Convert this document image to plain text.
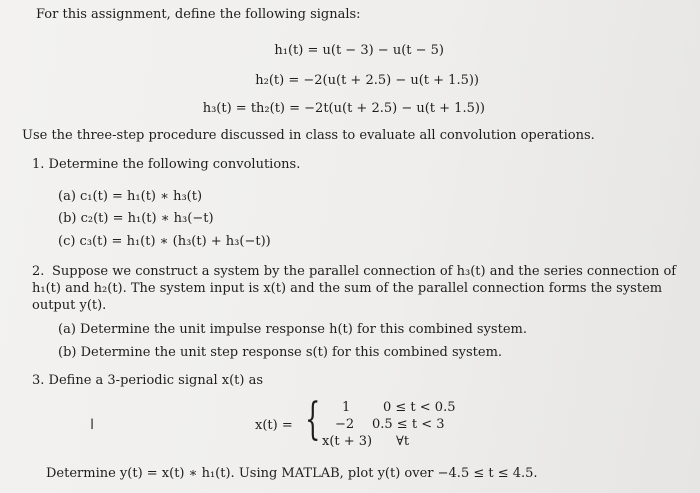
For this assignment, define the following signals:
h₁(t) = u(t − 3) − u(t − 5)
h₂(t) = −2(u(t + 2.5) − u(t + 1.5))
h₃(t) = th₂(t) = −2t(u(t + 2.5) − u(t + 1.5))
Use the three-step procedure discussed in class to evaluate all convolution operations.
1. Determine the following convolutions.
(a) c₁(t) = h₁(t) ∗ h₃(t)
(b) c₂(t) = h₁(t) ∗ h₃(−t)
(c) c₃(t) = h₁(t) ∗ (h₃(t) + h₃(−t))
2. Suppose we construct a system by the parallel connection of h₃(t) and the series connection of h₁(t) and h₂(t). The system input is x(t) and the sum of the parallel connection forms the system output y(t).
(a) Determine the unit impulse response h(t) for this combined system.
(b) Determine the unit step response s(t) for this combined system.
3. Define a 3-periodic signal x(t) as
I	x(t) = { 1
−2
x(t + 3)
0 ≤ t < 0.5
0.5 ≤ t < 3
∀t
Determine y(t) = x(t) ∗ h₁(t). Using MATLAB, plot y(t) over −4.5 ≤ t ≤ 4.5.
